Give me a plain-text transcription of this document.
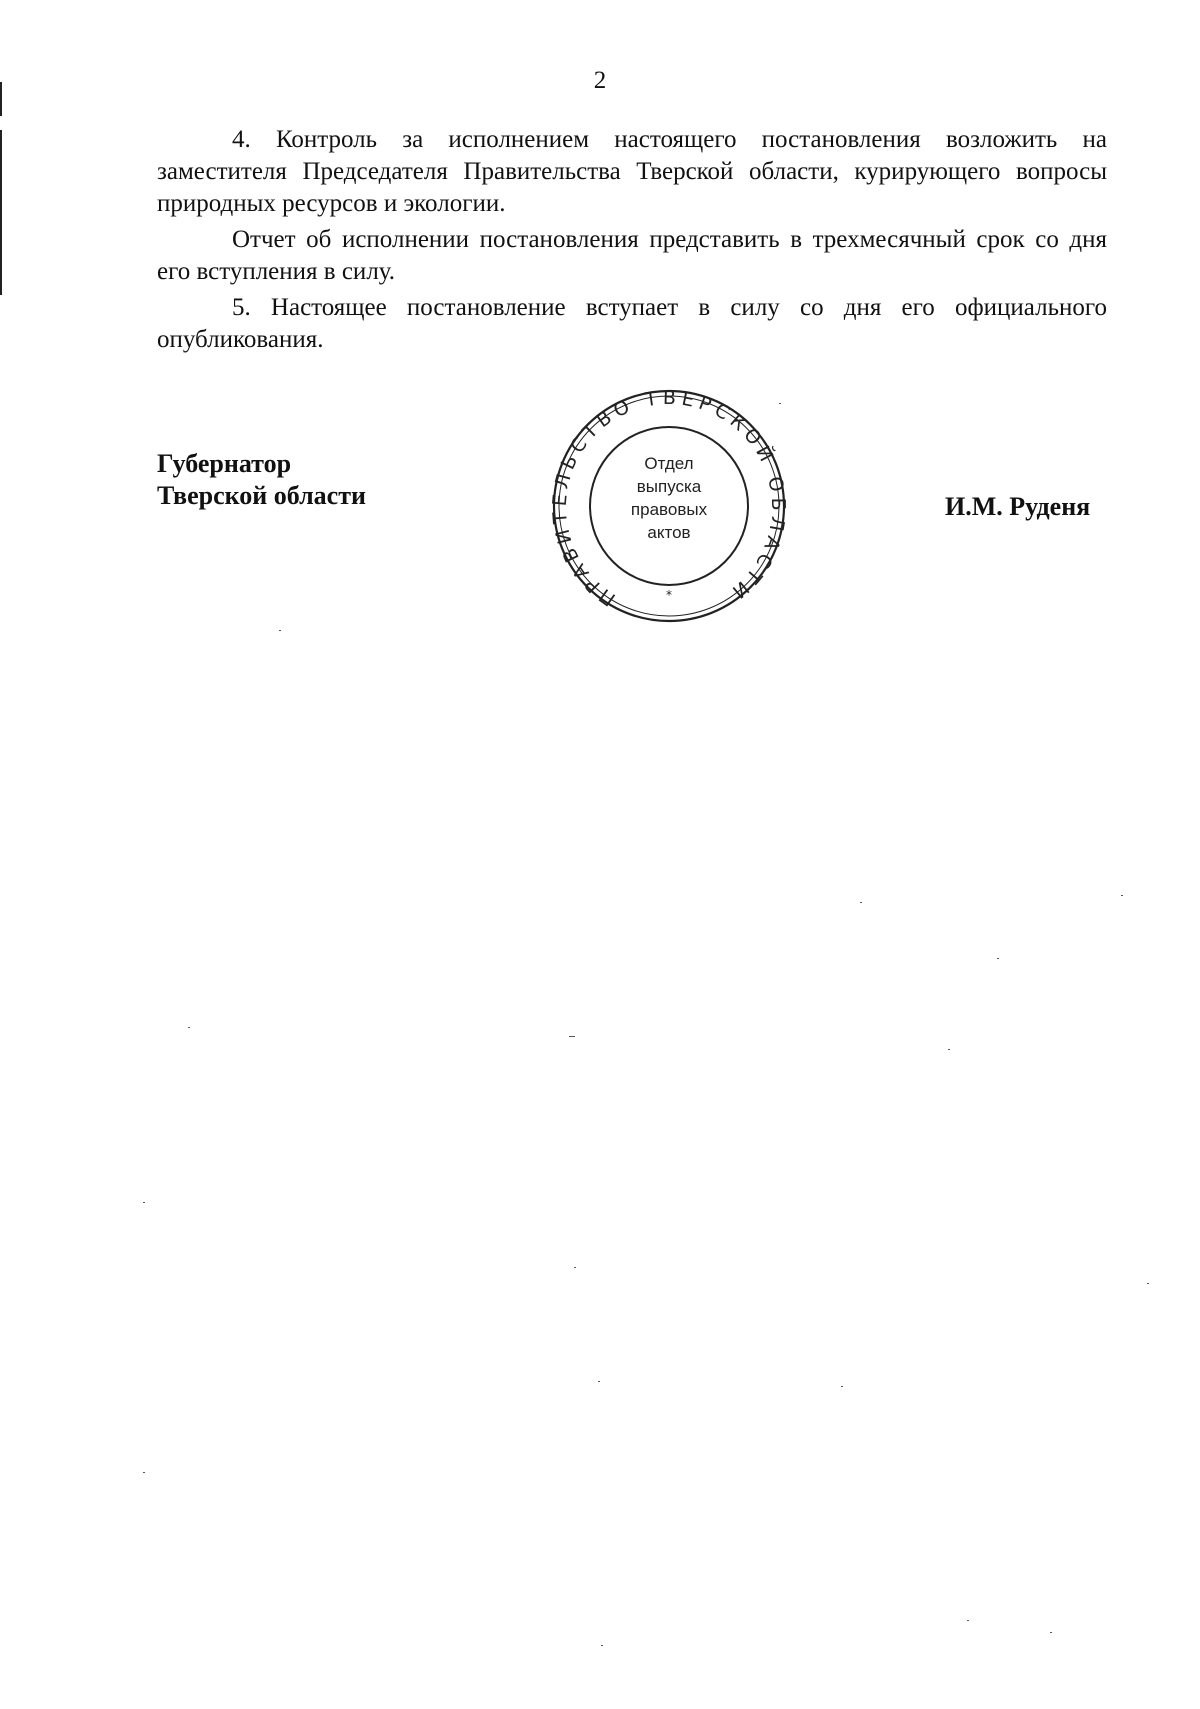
2

4. Контроль за исполнением настоящего постановления возложить на заместителя Председателя Правительства Тверской области, курирующего вопросы природных ресурсов и экологии.

Отчет об исполнении постановления представить в трехмесячный срок со дня его вступления в силу.

5. Настоящее постановление вступает в силу со дня его официального опубликования.

Губернатор
Тверской области
ПРАВИТЕЛЬСТВО ТВЕРСКОЙ ОБЛАСТИ
Отдел
выпуска
правовых
актов
*
И.М. Руденя
